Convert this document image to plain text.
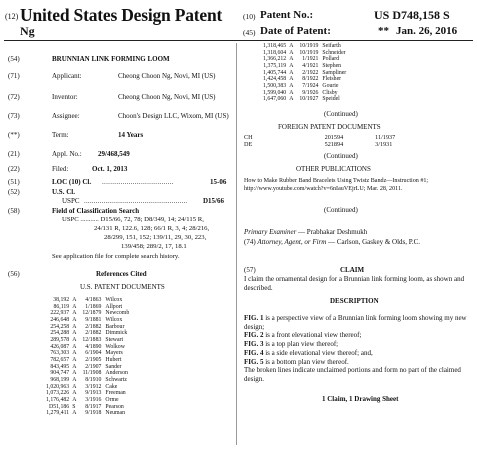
(12) United States Design Patent
Ng
(10) Patent No.:	US D748,158 S
(45) Date of Patent:	** Jan. 26, 2016
(54)	BRUNNIAN LINK FORMING LOOM
(71)	Applicant:	Cheong Choon Ng, Novi, MI (US)
(72)	Inventor:	Cheong Choon Ng, Novi, MI (US)
(73)	Assignee:	Choon's Design LLC, Wixom, MI (US)
(**)	Term:	14 Years
(21)	Appl. No.: 29/468,549
(22)	Filed:	Oct. 1, 2013
(51)	LOC (10) Cl. ...................................	15-06
(52)	U.S. Cl.
USPC ..................................................... D15/66
(58)	Field of Classification Search
USPC ........... D15/66, 72, 78; D8/349, 14; 24/115 R,
24/131 R, 122.6, 128; 66/1 R, 3, 4; 28/216,
28/299, 151, 152; 139/11, 29, 30, 223,
139/458; 289/2, 17, 18.1
See application file for complete search history.
(56)	References Cited
U.S. PATENT DOCUMENTS
38,192	A	4/1863	Wilcox
86,119	A	1/1869	Allport
222,937	A	12/1879	Newcomb
246,648	A	9/1881	Wilcox
254,258	A	2/1882	Barbour
254,288	A	2/1882	Dimmick
289,578	A	12/1883	Stewart
426,087	A	4/1890	Wolkow
763,303	A	6/1904	Mayers
782,657	A	2/1905	Hubert
843,495	A	2/1907	Sander
904,747	A	11/1908	Anderson
968,199	A	8/1910	Schwartz
1,020,963	A	3/1912	Cake
1,073,226	A	9/1913	Freeman
1,176,482	A	3/1916	Orme
D51,186	S	8/1917	Pearson
1,279,411	A	9/1918	Neuman
1,318,465	A	10/1919	Seifarth
1,318,604	A	10/1919	Schneider
1,366,212	A	1/1921	Pollard
1,375,119	A	4/1921	Stephen
1,405,744	A	2/1922	Sampliner
1,424,458	A	8/1922	Fleisher
1,500,383	A	7/1924	Gourie
1,599,040	A	9/1926	Clisby
1,647,060	A	10/1927	Speidel
(Continued)
FOREIGN PATENT DOCUMENTS
CH	201594	11/1937
DE	521894	3/1931
(Continued)
OTHER PUBLICATIONS
How to Make Rubber Band Bracelets Using Twistz Bandz—Instruction #1; http://www.youtube.com/watch?v=6nIauVEjrLU; Mar. 28, 2011.
(Continued)
Primary Examiner — Prabhakar Deshmukh
(74) Attorney, Agent, or Firm — Carlson, Gaskey & Olds, P.C.
(57)	CLAIM
I claim the ornamental design for a Brunnian link forming loom, as shown and described.
DESCRIPTION
FIG. 1 is a perspective view of a Brunnian link forming loom showing my new design;
FIG. 2 is a front elevational view thereof;
FIG. 3 is a top plan view thereof;
FIG. 4 is a side elevational view thereof; and,
FIG. 5 is a bottom plan view thereof.
The broken lines indicate unclaimed portions and form no part of the claimed design.
1 Claim, 1 Drawing Sheet
